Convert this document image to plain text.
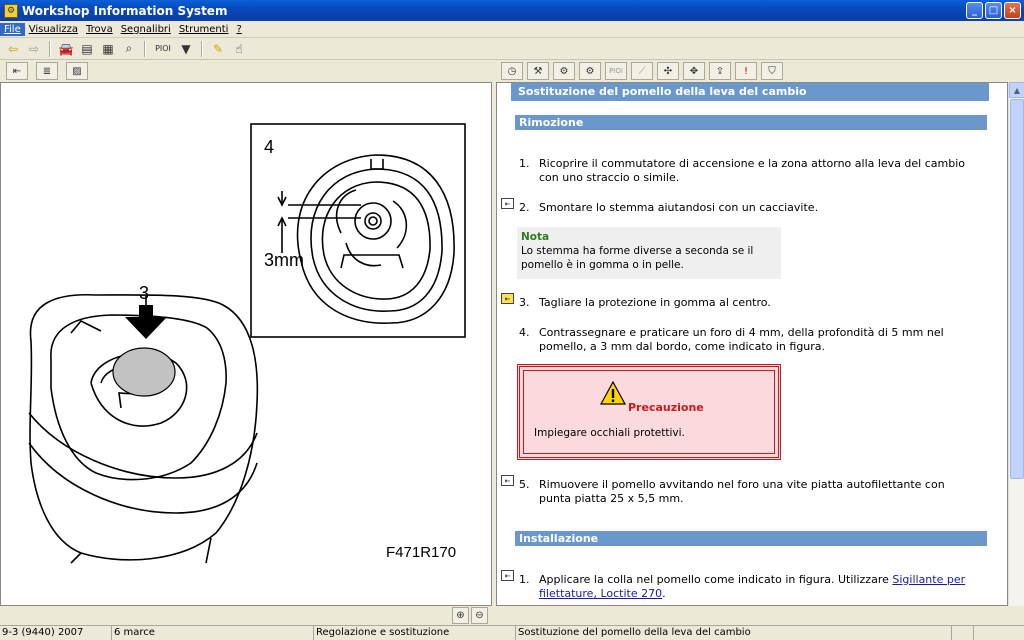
⚙ Workshop Information System	_	□	×
File Visualizza Trova Segnalibri Strumenti ?
⇦ ⇨	🚘 ▤ ▦ ⌕	PIOI ▼	✎	☝
⇤	≣	▨	◷	⚒	⚙	⚙	PIOI	⟋	✣	✥	⇪	!	⛉
4
3mm
3
F471R170
Sostituzione del pomello della leva del cambio
Rimozione
1. Ricoprire il commutatore di accensione e la zona attorno alla leva del cambio con uno straccio o simile.
⇤ 2. Smontare lo stemma aiutandosi con un cacciavite.
Nota
Lo stemma ha forme diverse a seconda se il pomello è in gomma o in pelle.
⇤ 3. Tagliare la protezione in gomma al centro.
4. Contrassegnare e praticare un foro di 4 mm, della profondità di 5 mm nel pomello, a 3 mm dal bordo, come indicato in figura.
Precauzione
Impiegare occhiali protettivi.
⇤ 5. Rimuovere il pomello avvitando nel foro una vite piatta autofilettante con punta piatta 25 x 5,5 mm.
Installazione
⇤ 1. Applicare la colla nel pomello come indicato in figura. Utilizzare Sigillante per filettature, Loctite 270.
▲
⊕	⊖
9-3 (9440) 2007	6 marce	Regolazione e sostituzione	Sostituzione del pomello della leva del cambio
